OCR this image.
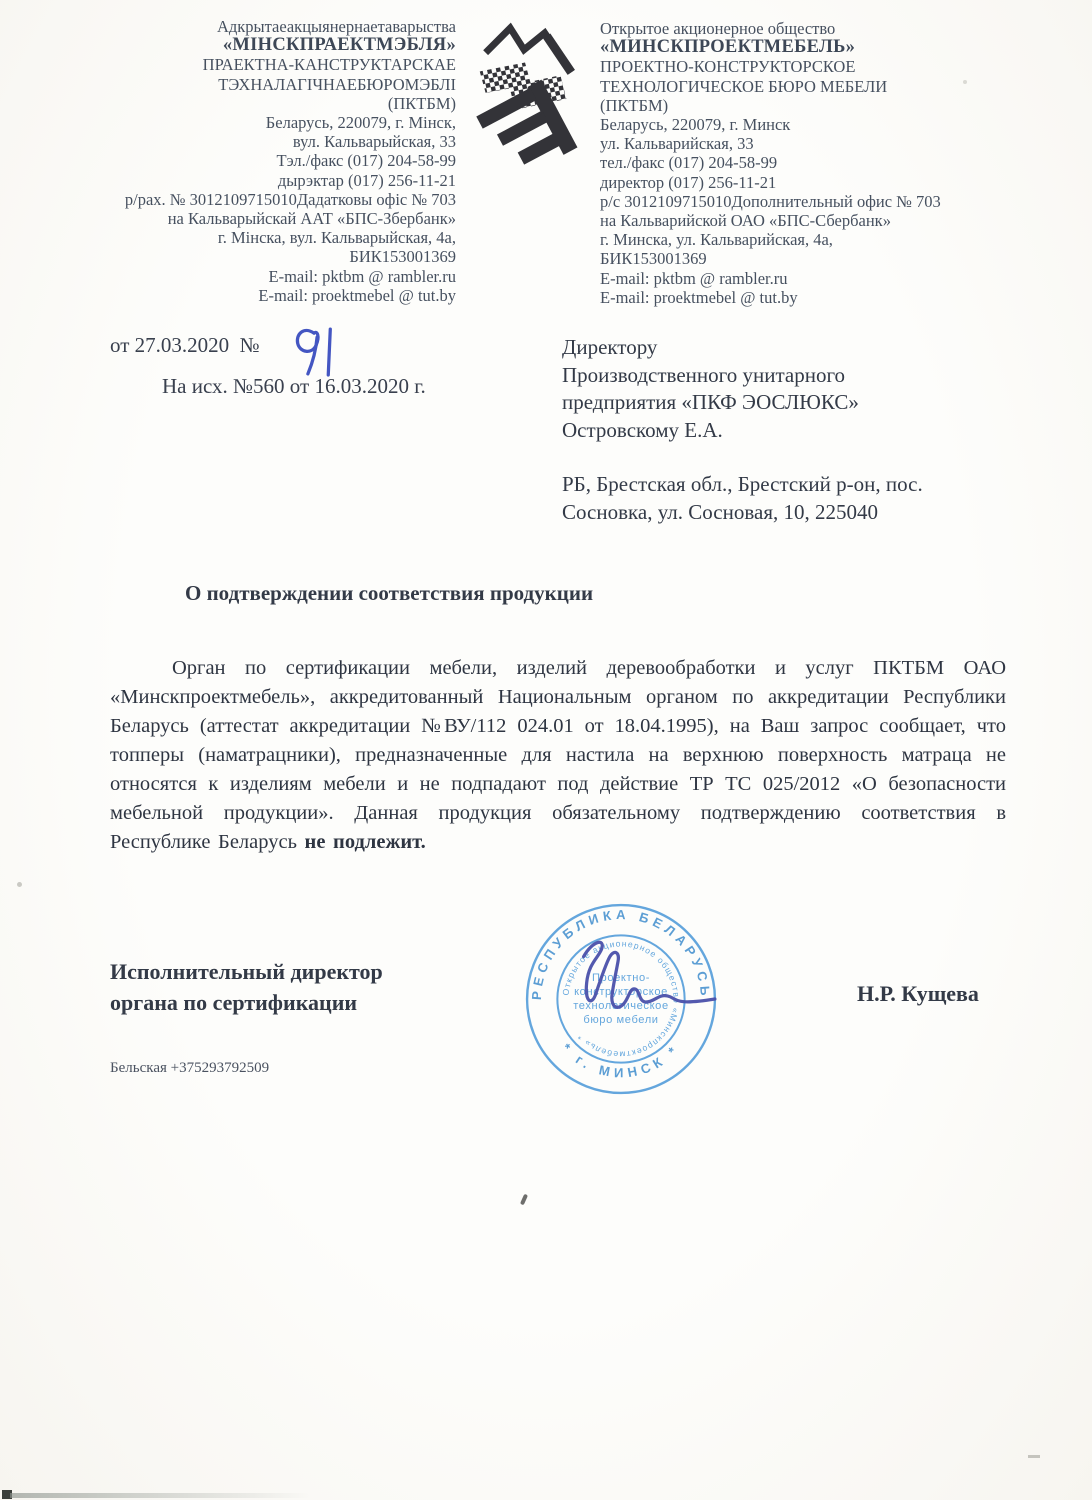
Адкрытаеакцыянернаетаварыства
«МІНСКПРАЕКТМЭБЛЯ»
ПРАЕКТНА-КАНСТРУКТАРСКАЕ
ТЭХНАЛАГІЧНАЕБЮРОМЭБЛІ
(ПКТБМ)
Беларусь, 220079, г. Мінск,
вул. Кальварыйская, 33
Тэл./факс (017) 204-58-99
дырэктар (017) 256-11-21
р/рах. № 3012109715010Дадатковы офіс № 703
на Кальварыйскай ААТ «БПС-Збербанк»
г. Мінска, вул. Кальварыйская, 4а,
БИК153001369
E-mail: pktbm @ rambler.ru
E-mail: proektmebel @ tut.by
Открытое акционерное общество
«МИНСКПРОЕКТМЕБЕЛЬ»
ПРОЕКТНО-КОНСТРУКТОРСКОЕ
ТЕХНОЛОГИЧЕСКОЕ БЮРО МЕБЕЛИ
(ПКТБМ)
Беларусь, 220079, г. Минск
ул. Кальварийская, 33
тел./факс (017) 204-58-99
директор (017) 256-11-21
р/с 3012109715010Дополнительный офис № 703
на Кальварийской ОАО «БПС-Сбербанк»
г. Минска, ул. Кальварийская, 4а,
БИК153001369
E-mail: pktbm @ rambler.ru
E-mail: proektmebel @ tut.by
от 27.03.2020  №
На исх. №560 от 16.03.2020 г.
Директору
Производственного унитарного
предприятия «ПКФ ЭОСЛЮКС»
Островскому Е.А.
РБ, Брестская обл., Брестский р-он, пос.
Сосновка, ул. Сосновая, 10, 225040
О подтверждении соответствия продукции

Орган по сертификации мебели, изделий деревообработки и услуг ПКТБМ ОАО «Минскпроектмебель», аккредитованный Национальным органом по аккредитации Республики Беларусь (аттестат аккредитации №ВУ/112 024.01 от 18.04.1995), на Ваш запрос сообщает, что топперы (наматрацники), предназначенные для настила на верхнюю поверхность матраца не относятся к изделиям мебели и не подпадают под действие ТР ТС 025/2012 «О безопасности мебельной продукции». Данная продукция обязательному подтверждению соответствия в Республике Беларусь не подлежит.

Исполнительный директор
органа по сертификации	РЕСПУБЛИКА БЕЛАРУСЬ
* г. МИНСК *
Открытое акционерное общество «Минскпроектмебель» *
Проектно-
конструкторское
технологическое
бюро мебели
Н.Р. Кущева
Бельская +375293792509
